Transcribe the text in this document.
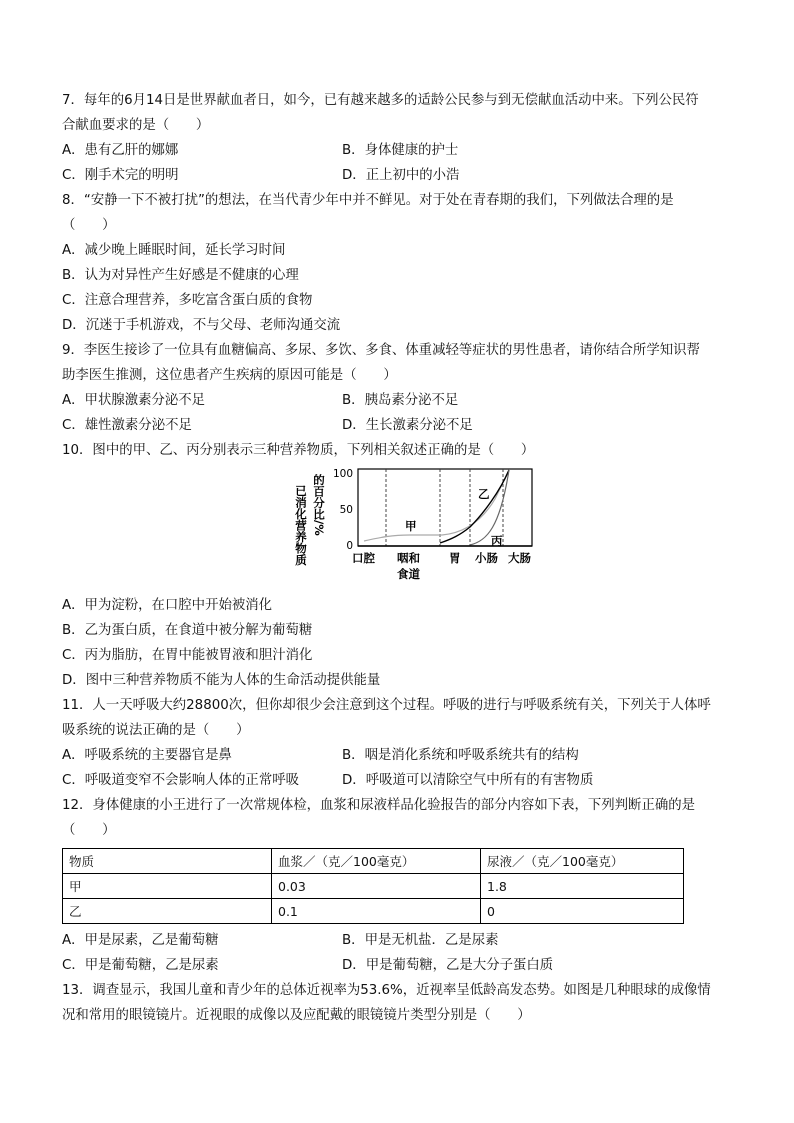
7．每年的6月14日是世界献血者日，如今，已有越来越多的适龄公民参与到无偿献血活动中来。下列公民符
合献血要求的是（　　）
A．患有乙肝的娜娜	B．身体健康的护士
C．刚手术完的明明	D．正上初中的小浩
8．“安静一下不被打扰”的想法，在当代青少年中并不鲜见。对于处在青春期的我们，下列做法合理的是
（　　）
A．减少晚上睡眠时间，延长学习时间
B．认为对异性产生好感是不健康的心理
C．注意合理营养，多吃富含蛋白质的食物
D．沉迷于手机游戏，不与父母、老师沟通交流
9．李医生接诊了一位具有血糖偏高、多尿、多饮、多食、体重减轻等症状的男性患者，请你结合所学知识帮
助李医生推测，这位患者产生疾病的原因可能是（　　）
A．甲状腺激素分泌不足	B．胰岛素分泌不足
C．雄性激素分泌不足	D．生长激素分泌不足
10．图中的甲、乙、丙分别表示三种营养物质，下列相关叙述正确的是（　　）
已消化营养物质 的百分比/% 100
50
0
甲
乙
丙
口腔 咽和
食道
胃 小肠 大肠
A．甲为淀粉，在口腔中开始被消化
B．乙为蛋白质，在食道中被分解为葡萄糖
C．丙为脂肪，在胃中能被胃液和胆汁消化
D．图中三种营养物质不能为人体的生命活动提供能量
11．人一天呼吸大约28800次，但你却很少会注意到这个过程。呼吸的进行与呼吸系统有关，下列关于人体呼
吸系统的说法正确的是（　　）
A．呼吸系统的主要器官是鼻	B．咽是消化系统和呼吸系统共有的结构
C．呼吸道变窄不会影响人体的正常呼吸	D．呼吸道可以清除空气中所有的有害物质
12．身体健康的小王进行了一次常规体检，血浆和尿液样品化验报告的部分内容如下表，下列判断正确的是
（　　）
物质	血浆／（克／100毫克）	尿液／（克／100毫克）
甲	0.03	1.8
乙	0.1	0
A．甲是尿素，乙是葡萄糖	B．甲是无机盐．乙是尿素
C．甲是葡萄糖，乙是尿素	D．甲是葡萄糖，乙是大分子蛋白质
13．调查显示，我国儿童和青少年的总体近视率为53.6%，近视率呈低龄高发态势。如图是几种眼球的成像情
况和常用的眼镜镜片。近视眼的成像以及应配戴的眼镜镜片类型分别是（　　）
